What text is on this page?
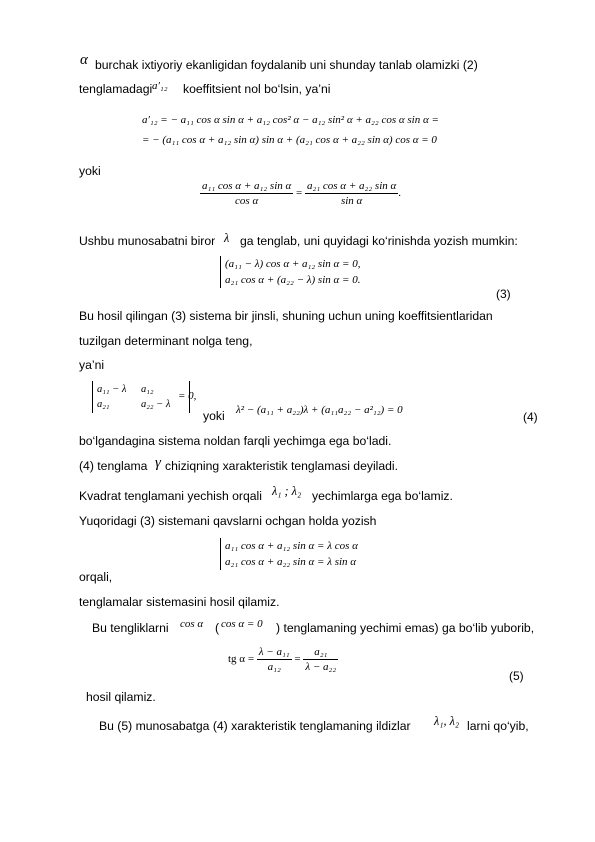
α burchak ixtiyoriy ekanligidan foydalanib uni shunday tanlab olamizki (2)
tenglamadagi a′₁₂ koeffitsient nol bo‘lsin, ya’ni
a′₁₂ = − a₁₁ cos α sin α + a₁₂ cos² α − a₁₂ sin² α + a₂₂ cos α sin α =
= − (a₁₁ cos α + a₁₂ sin α) sin α + (a₂₁ cos α + a₂₂ sin α) cos α = 0
yoki
$\frac{\text{a₁₁ cos α + a₁₂ sin α}}{\text{cos α}} = \frac{\text{a₂₁ cos α + a₂₂ sin α}}{\text{sin α}}$ .
Ushbu munosabatni biror λ ga tenglab, uni quyidagi ko‘rinishda yozish mumkin:
(a₁₁ − λ) cos α + a₁₂ sin α = 0,
a₂₁ cos α + (a₂₂ − λ) sin α = 0.
(3)
Bu hosil qilingan (3) sistema bir jinsli, shuning uchun uning koeffitsientlaridan
tuzilgan determinant nolga teng,
ya’ni
a₁₁ − λ a₁₂
a₂₁	a₂₂ − λ
= 0,
yoki λ² − (a₁₁ + a₂₂)λ + (a₁₁a₂₂ − a²₁₂) = 0	(4)
bo‘lgandagina sistema noldan farqli yechimga ega bo‘ladi.
(4) tenglama γ chiziqning xarakteristik tenglamasi deyiladi.
Kvadrat tenglamani yechish orqali λ₁ ; λ₂ yechimlarga ega bo‘lamiz.
Yuqoridagi (3) sistemani qavslarni ochgan holda yozish
a₁₁ cos α + a₁₂ sin α = λ cos α
a₂₁ cos α + a₂₂ sin α = λ sin α
orqali,
tenglamalar sistemasini hosil qilamiz.
Bu tengliklarni cos α ( cos α = 0 ) tenglamaning yechimi emas) ga bo‘lib yuborib,
tg $\alpha = \frac{\text{λ − a₁₁}}{\text{a₁₂}} = \frac{\text{a₂₁}}{\text{λ − a₂₂}}$
(5)
hosil qilamiz.
Bu (5) munosabatga (4) xarakteristik tenglamaning ildizlar λ₁, λ₂ larni qo‘yib,
